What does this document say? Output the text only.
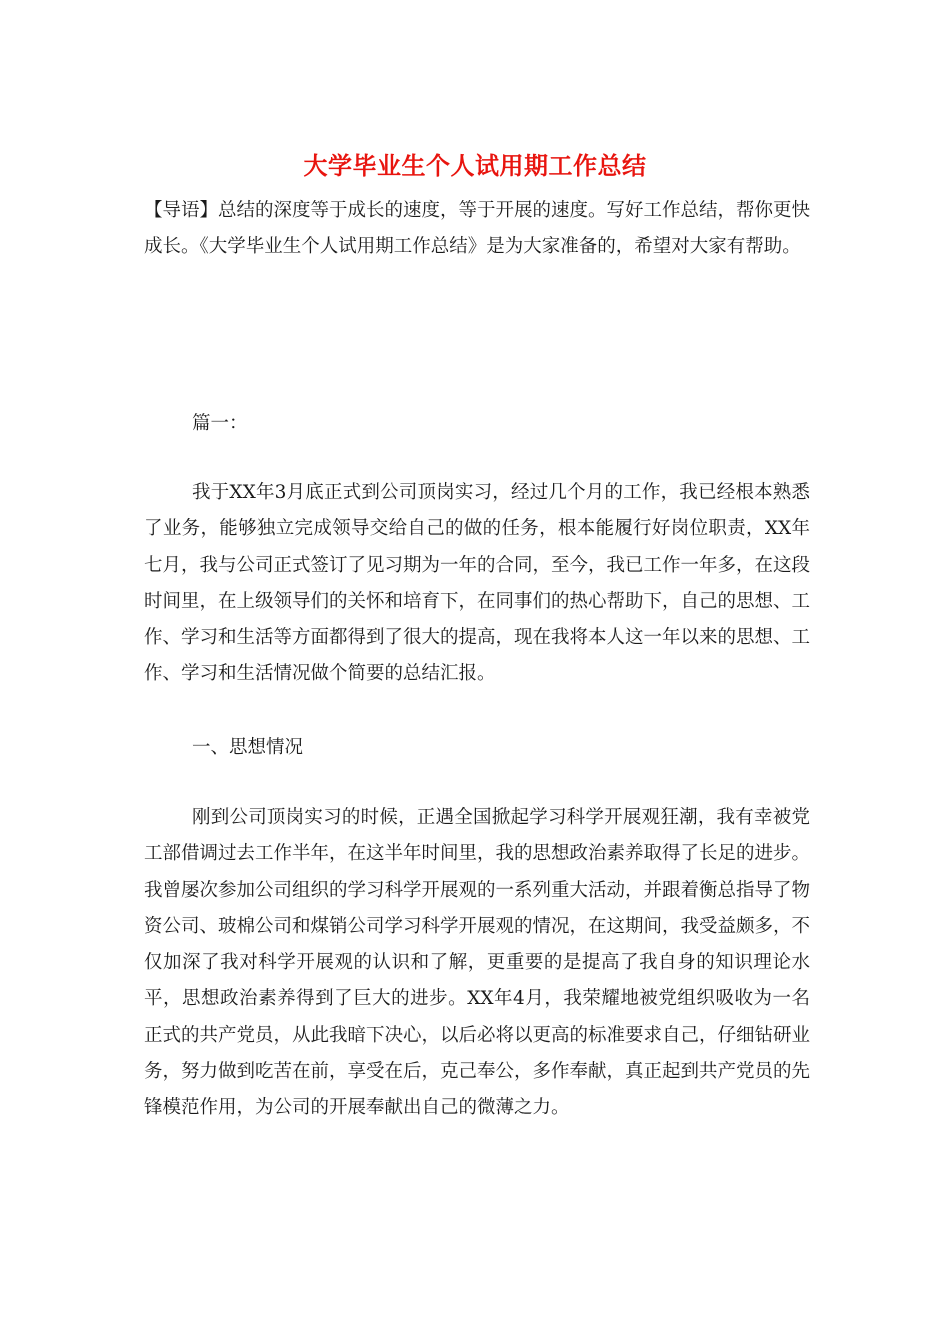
大学毕业生个人试用期工作总结

【导语】总结的深度等于成长的速度，等于开展的速度。写好工作总结，帮你更快成长。《大学毕业生个人试用期工作总结》是为大家准备的，希望对大家有帮助。

篇一：

我于XX年3月底正式到公司顶岗实习，经过几个月的工作，我已经根本熟悉了业务，能够独立完成领导交给自己的做的任务，根本能履行好岗位职责，XX年七月，我与公司正式签订了见习期为一年的合同，至今，我已工作一年多，在这段时间里，在上级领导们的关怀和培育下，在同事们的热心帮助下，自己的思想、工作、学习和生活等方面都得到了很大的提高，现在我将本人这一年以来的思想、工作、学习和生活情况做个简要的总结汇报。

一、思想情况

刚到公司顶岗实习的时候，正遇全国掀起学习科学开展观狂潮，我有幸被党工部借调过去工作半年，在这半年时间里，我的思想政治素养取得了长足的进步。我曾屡次参加公司组织的学习科学开展观的一系列重大活动，并跟着衡总指导了物资公司、玻棉公司和煤销公司学习科学开展观的情况，在这期间，我受益颇多，不仅加深了我对科学开展观的认识和了解，更重要的是提高了我自身的知识理论水平，思想政治素养得到了巨大的进步。XX年4月，我荣耀地被党组织吸收为一名正式的共产党员，从此我暗下决心，以后必将以更高的标准要求自己，仔细钻研业务，努力做到吃苦在前，享受在后，克己奉公，多作奉献，真正起到共产党员的先锋模范作用，为公司的开展奉献出自己的微薄之力。
